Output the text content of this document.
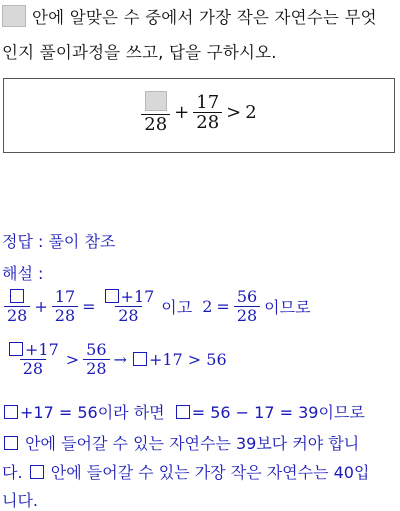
안에 알맞은 수 중에서 가장 작은 자연수는 무엇
인지 풀이과정을 쓰고, 답을 구하시오.
28
+ $\frac{17}{28} > 2$
정답 : 풀이 참조
해설 :
$28 + \frac{17}{28} = \frac{+17}{28}$ 이고 $2 = \frac{56}{28}$ 이므로
$\frac{+17}{28} > \frac{56}{28} \to +17 > 56$
+17 = 56이라 하면 = 56 − 17 = 39이므로
안에 들어갈 수 있는 자연수는 39보다 커야 합니
다. 안에 들어갈 수 있는 가장 작은 자연수는 40입
니다.
